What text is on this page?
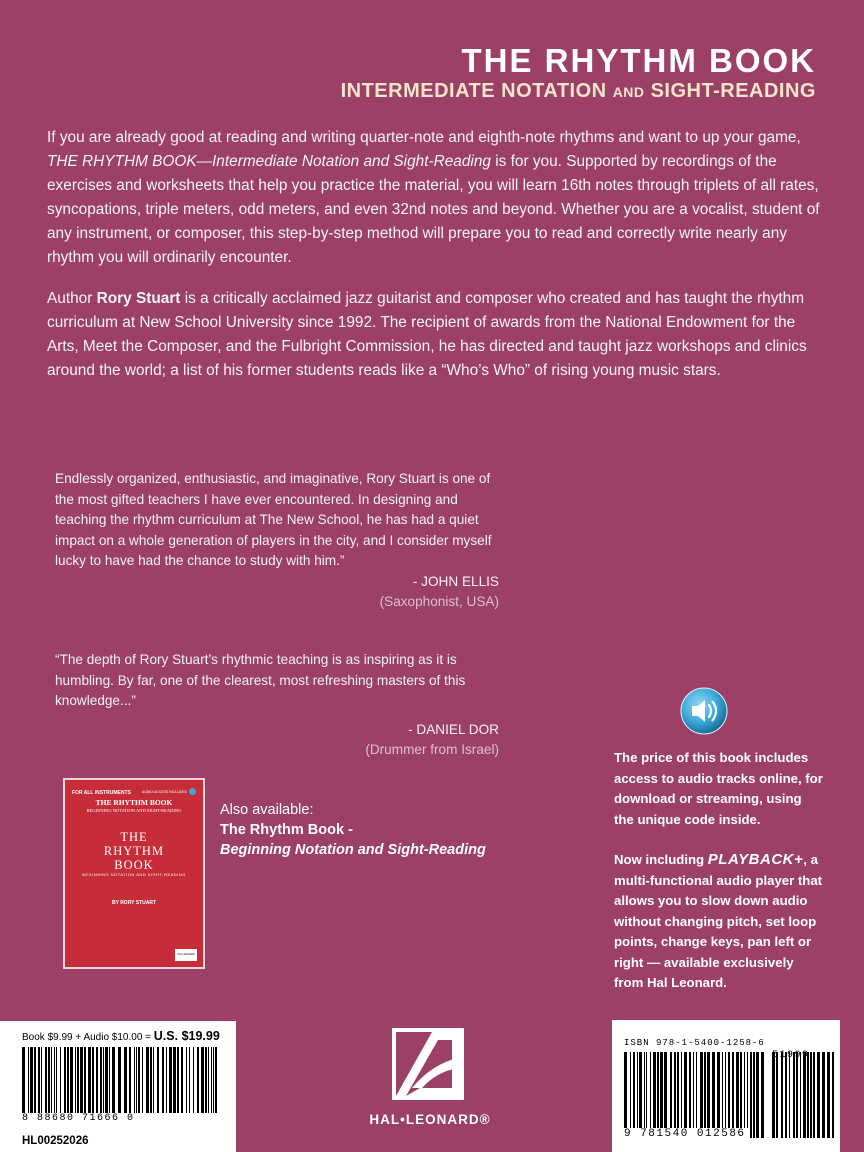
THE RHYTHM BOOK
INTERMEDIATE NOTATION AND SIGHT-READING

If you are already good at reading and writing quarter-note and eighth-note rhythms and want to up your game, THE RHYTHM BOOK—Intermediate Notation and Sight-Reading is for you. Supported by recordings of the exercises and worksheets that help you practice the material, you will learn 16th notes through triplets of all rates, syncopations, triple meters, odd meters, and even 32nd notes and beyond. Whether you are a vocalist, student of any instrument, or composer, this step-by-step method will prepare you to read and correctly write nearly any rhythm you will ordinarily encounter.

Author Rory Stuart is a critically acclaimed jazz guitarist and composer who created and has taught the rhythm curriculum at New School University since 1992. The recipient of awards from the National Endowment for the Arts, Meet the Composer, and the Fulbright Commission, he has directed and taught jazz workshops and clinics around the world; a list of his former students reads like a “Who’s Who” of rising young music stars.

Endlessly organized, enthusiastic, and imaginative, Rory Stuart is one of the most gifted teachers I have ever encountered. In designing and teaching the rhythm curriculum at The New School, he has had a quiet impact on a whole generation of players in the city, and I consider myself lucky to have had the chance to study with him.”

- JOHN ELLIS

(Saxophonist, USA)

“The depth of Rory Stuart’s rhythmic teaching is as inspiring as it is humbling. By far, one of the clearest, most refreshing masters of this knowledge...”

- DANIEL DOR

(Drummer from Israel)

FOR ALL INSTRUMENTS	AUDIO ACCESS INCLUDED
THE RHYTHM BOOK
BEGINNING NOTATION AND SIGHT-READING
THE
RHYTHM
BOOK
BEGINNING NOTATION AND SIGHT-READING
BY RORY STUART
HAL LEONARD
Also available:
The Rhythm Book -
Beginning Notation and Sight-Reading

The price of this book includes access to audio tracks online, for download or streaming, using the unique code inside.

Now including PLAYBACK+, a multi-functional audio player that allows you to slow down audio without changing pitch, set loop points, change keys, pan left or right — available exclusively from Hal Leonard.

Book $9.99 + Audio $10.00 = U.S. $19.99
8 88680 71666 0
HL00252026
HAL•LEONARD®
ISBN 978-1-5400-1258-6
51999
9 781540 012586
